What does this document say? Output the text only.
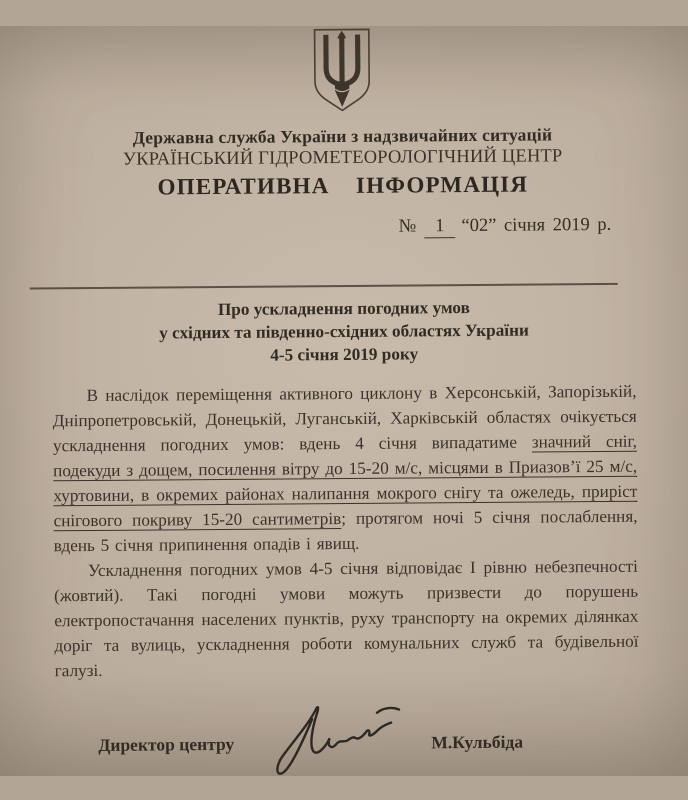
Державна служба України з надзвичайних ситуацій
УКРАЇНСЬКИЙ ГІДРОМЕТЕОРОЛОГІЧНИЙ ЦЕНТР
ОПЕРАТИВНА ІНФОРМАЦІЯ
№ 1 “02” січня 2019 р.
Про ускладнення погодних умов
у східних та південно-східних областях України
4-5 січня 2019 року

В наслідок переміщення активного циклону в Херсонській, Запорізькій, Дніпропетровській, Донецькій, Луганській, Харківській областях очікується ускладнення погодних умов: вдень 4 січня випадатиме значний сніг, подекуди з дощем, посилення вітру до 15-20 м/с, місцями в Приазов’ї 25 м/с, хуртовини, в окремих районах налипання мокрого снігу та ожеледь, приріст снігового покриву 15-20 сантиметрів; протягом ночі 5 січня послаблення, вдень 5 січня припинення опадів і явищ.

Ускладнення погодних умов 4-5 січня відповідає І рівню небезпечності (жовтий). Такі погодні умови можуть призвести до порушень електропостачання населених пунктів, руху транспорту на окремих ділянках доріг та вулиць, ускладнення роботи комунальних служб та будівельної галузі.

Директор центру	М.Кульбіда
